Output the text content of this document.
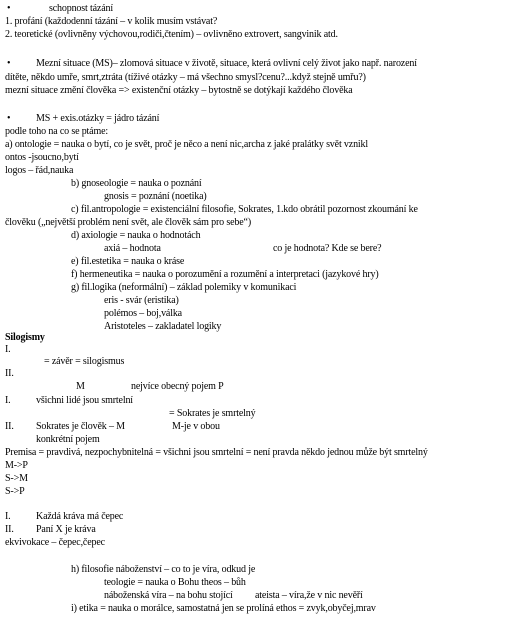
•	schopnost tázání
1. profání (každodenní tázání – v kolik musím vstávat?
2. teoretické (ovlivněny výchovou,rodiči,čtením) – ovlivněno extrovert, sangvinik atd.
•	Mezní situace (MS)– zlomová situace v životě, situace, která ovlivní celý život jako např. narození
dítěte, někdo umře, smrt,ztráta (tíživé otázky – má všechno smysl?cenu?...když stejně umřu?)
mezní situace změní člověka => existenční otázky – bytostně se dotýkají každého člověka
•	MS + exis.otázky = jádro tázání
podle toho na co se ptáme:
a) ontologie = nauka o bytí, co je svět, proč je něco a není nic,archa z jaké pralátky svět vznikl
ontos -jsoucno,bytí
logos – řád,nauka
b) gnoseologie = nauka o poznání
gnosis = poznání (noetika)
c) fil.antropologie = existenciální filosofie, Sokrates, 1.kdo obrátil pozornost zkoumání ke
člověku („největší problém není svět, ale člověk sám pro sebe“)
d) axiologie = nauka o hodnotách
axiá – hodnota	co je hodnota? Kde se bere?
e) fil.estetika = nauka o kráse
f) hermeneutika = nauka o porozumění a rozumění a interpretaci (jazykové hry)
g) fil.logika (neformální) – základ polemiky v komunikaci
eris - svár (eristika)
polémos – boj,válka
Aristoteles – zakladatel logiky
Silogismy
I.
= závěr = silogismus
II.
M	nejvíce obecný pojem P
I.	všichni lidé jsou smrtelní
= Sokrates je smrtelný
II. Sokrates je člověk – M	M-je v obou
konkrétní pojem
Premisa = pravdivá, nezpochybnitelná = všichni jsou smrtelní = není pravda někdo jednou může být smrtelný
M->P
S->M
S->P
I.	Každá kráva má čepec
II. Paní X je kráva
ekvivokace – čepec,čepec
h) filosofie náboženství – co to je víra, odkud je
teologie = nauka o Bohu theos – bůh
náboženská víra – na bohu stojící ateista – víra,že v nic nevěří
i) etika = nauka o morálce, samostatná jen se prolíná ethos = zvyk,obyčej,mrav
